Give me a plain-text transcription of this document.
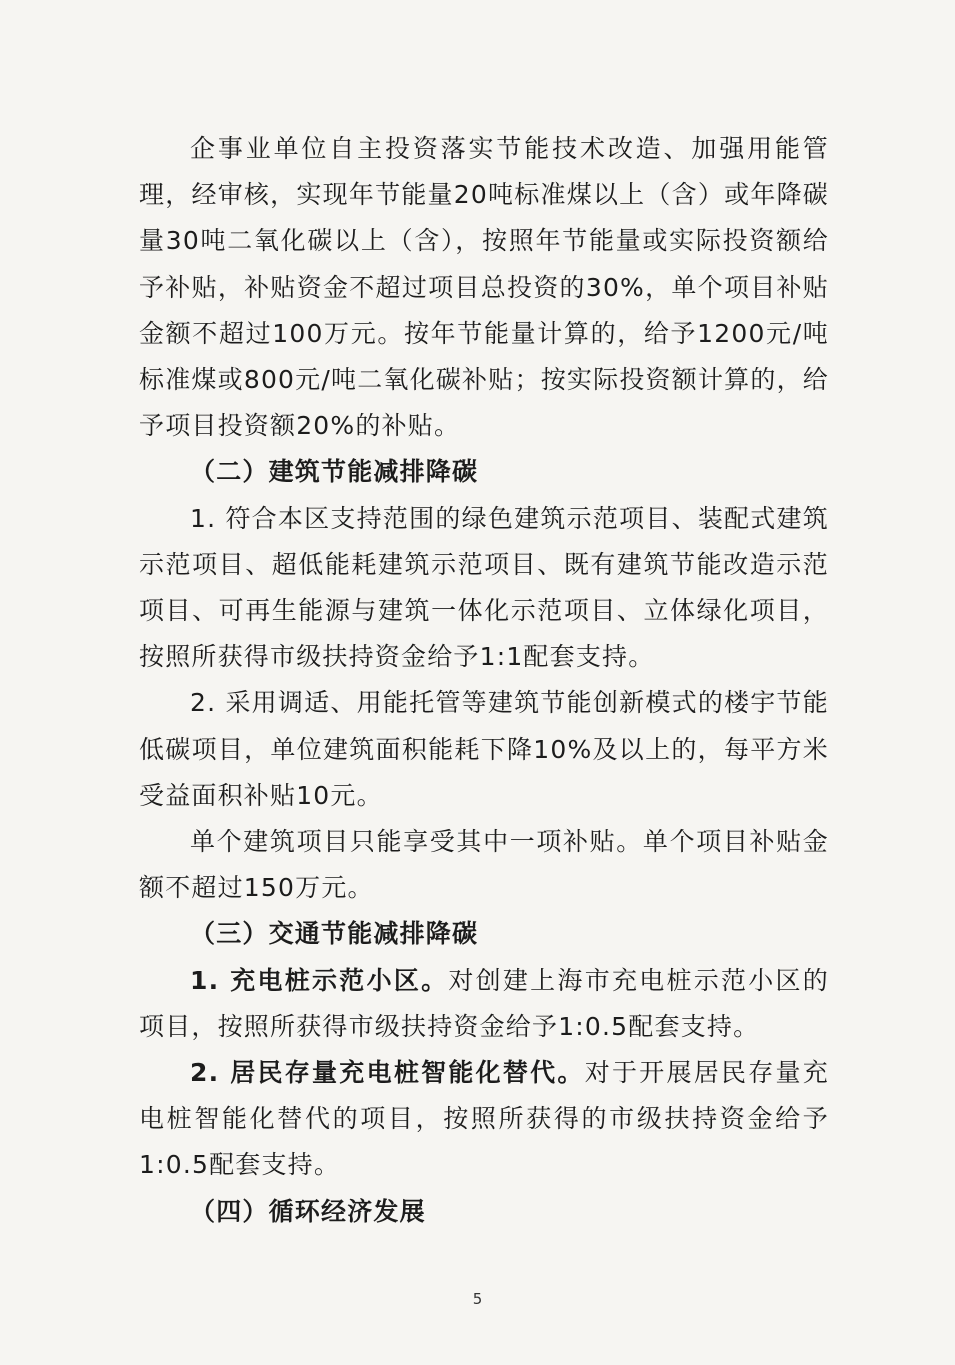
企事业单位自主投资落实节能技术改造、加强用能管理，经审核，实现年节能量20吨标准煤以上（含）或年降碳量30吨二氧化碳以上（含），按照年节能量或实际投资额给予补贴，补贴资金不超过项目总投资的30%，单个项目补贴金额不超过100万元。按年节能量计算的，给予1200元/吨标准煤或800元/吨二氧化碳补贴；按实际投资额计算的，给予项目投资额20%的补贴。

（二）建筑节能减排降碳

1. 符合本区支持范围的绿色建筑示范项目、装配式建筑示范项目、超低能耗建筑示范项目、既有建筑节能改造示范项目、可再生能源与建筑一体化示范项目、立体绿化项目，按照所获得市级扶持资金给予1:1配套支持。

2. 采用调适、用能托管等建筑节能创新模式的楼宇节能低碳项目，单位建筑面积能耗下降10%及以上的，每平方米受益面积补贴10元。

单个建筑项目只能享受其中一项补贴。单个项目补贴金额不超过150万元。

（三）交通节能减排降碳

1. 充电桩示范小区。对创建上海市充电桩示范小区的项目，按照所获得市级扶持资金给予1:0.5配套支持。

2. 居民存量充电桩智能化替代。对于开展居民存量充电桩智能化替代的项目，按照所获得的市级扶持资金给予1:0.5配套支持。

（四）循环经济发展

5
